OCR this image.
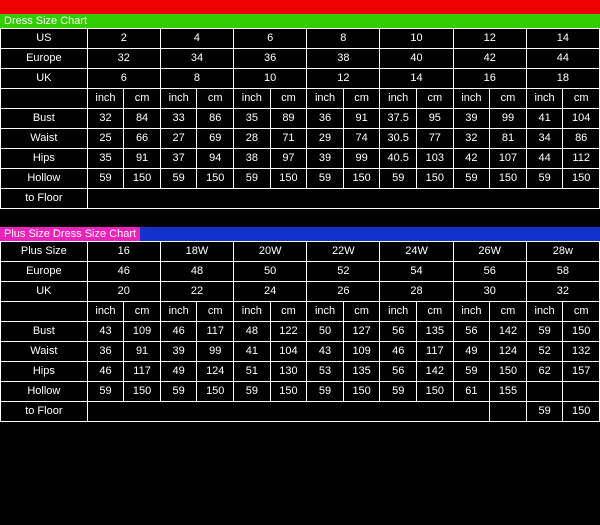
Dress Size Chart
US	2		4		6		8		10		12		14	
Europe	32		34		36		38		40		42		44	
UK	6		8		10		12		14		16		18	
	inch	cm	inch	cm	inch	cm	inch	cm	inch	cm	inch	cm	inch	cm
Bust	32	84	33	86	35	89	36	91	37.5	95	39	99	41	104
Waist	25	66	27	69	28	71	29	74	30.5	77	32	81	34	86
Hips	35	91	37	94	38	97	39	99	40.5	103	42	107	44	112
Hollow	59	150	59	150	59	150	59	150	59	150	59	150	59	150
to Floor														
Plus Size Dress Size Chart
Plus Size	16		18W		20W		22W		24W		26W		28w	
Europe	46		48		50		52		54		56		58	
UK	20		22		24		26		28		30		32	
	inch	cm	inch	cm	inch	cm	inch	cm	inch	cm	inch	cm	inch	cm
Bust	43	109	46	117	48	122	50	127	56	135	56	142	59	150
Waist	36	91	39	99	41	104	43	109	46	117	49	124	52	132
Hips	46	117	49	124	51	130	53	135	56	142	59	150	62	157
Hollow	59	150	59	150	59	150	59	150	59	150	61	155		
to Floor													59	150
